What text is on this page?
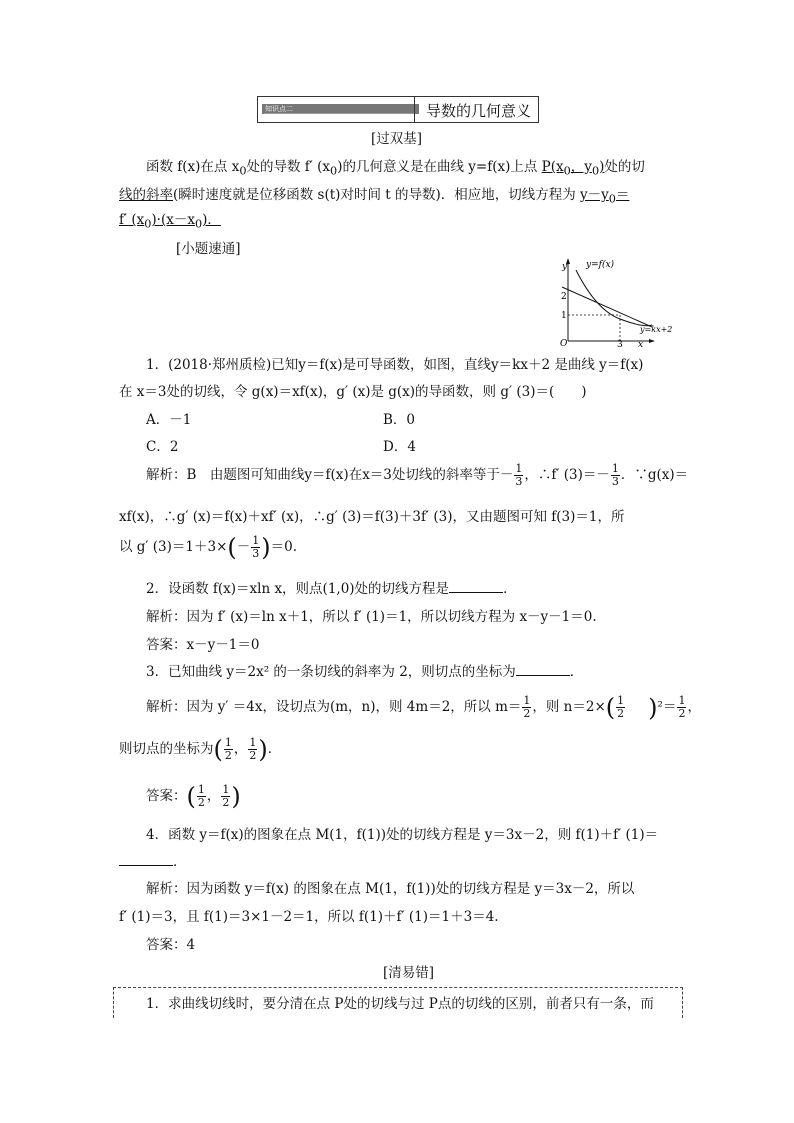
知识点二	导数的几何意义
[过双基]
函数 f(x)在点 $x_0$处的导数 f′ $(x_0)$的几何意义是在曲线 y=f(x)上点 $P(x_0$，$y_0$)处的切
线的斜率(瞬时速度就是位移函数 s(t)对时间 t 的导数)．相应地，切线方程为 $y-y_0=$
f′ $(x_0)\cdot(x-x_0)$．
[小题速通]
y
x
O
y=f(x)
y=kx+2
2
1
3
1．(2018·郑州质检)已知y＝f(x)是可导函数，如图，直线y＝kx＋2 是曲线 y＝f(x)
在 x＝3处的切线，令 g(x)＝xf(x)，g′ (x)是 g(x)的导函数，则 g′ (3)＝(　　)
A．－1	B．0
C．2	D．4
解析：B　由题图可知曲线y＝f(x)在x＝3处切线的斜率等于－ $\frac{1}{3}$ ，∴f′ $(3)=- \frac{1}{3}$ ．∵g(x)＝
xf(x)，∴g′ (x)＝f(x)＋xf′ (x)，∴g′ (3)＝f(3)＋3f′ (3)，又由题图可知 f(3)＝1，所
以 g′ $(3)=1+3\times(- \frac{1}{3} )=0$.
2．设函数 f(x)＝xln x，则点(1,0)处的切线方程是	．
解析：因为 f′ (x)＝ln x＋1，所以 f′ (1)＝1，所以切线方程为 x－y－1＝0.
答案：x－y－1＝0
3．已知曲线 y＝2x² 的一条切线的斜率为 2，则切点的坐标为	．
解析：因为 y′ ＝4x，设切点为(m，n)，则 4m＝2，所以 $m= \frac{1}{2}$ ，则 $n=2\times( \frac{1}{2} )^2= \frac{1}{2}$ ，
则切点的坐标为( $\frac{1}{2}$ ， $\frac{1}{2}$ )．
答案：( $\frac{1}{2}$ ， $\frac{1}{2}$ )
4．函数 y＝f(x)的图象在点 M(1，f(1))处的切线方程是 y＝3x－2，则 f(1)＋f′ (1)＝
．
解析：因为函数 y＝f(x) 的图象在点 M(1，f(1))处的切线方程是 y＝3x－2，所以
f′ (1)＝3，且 f(1)＝3×1－2＝1，所以 f(1)＋f′ (1)＝1＋3＝4.
答案：4
[清易错]
1．求曲线切线时，要分清在点 P处的切线与过 P点的切线的区别，前者只有一条，而
